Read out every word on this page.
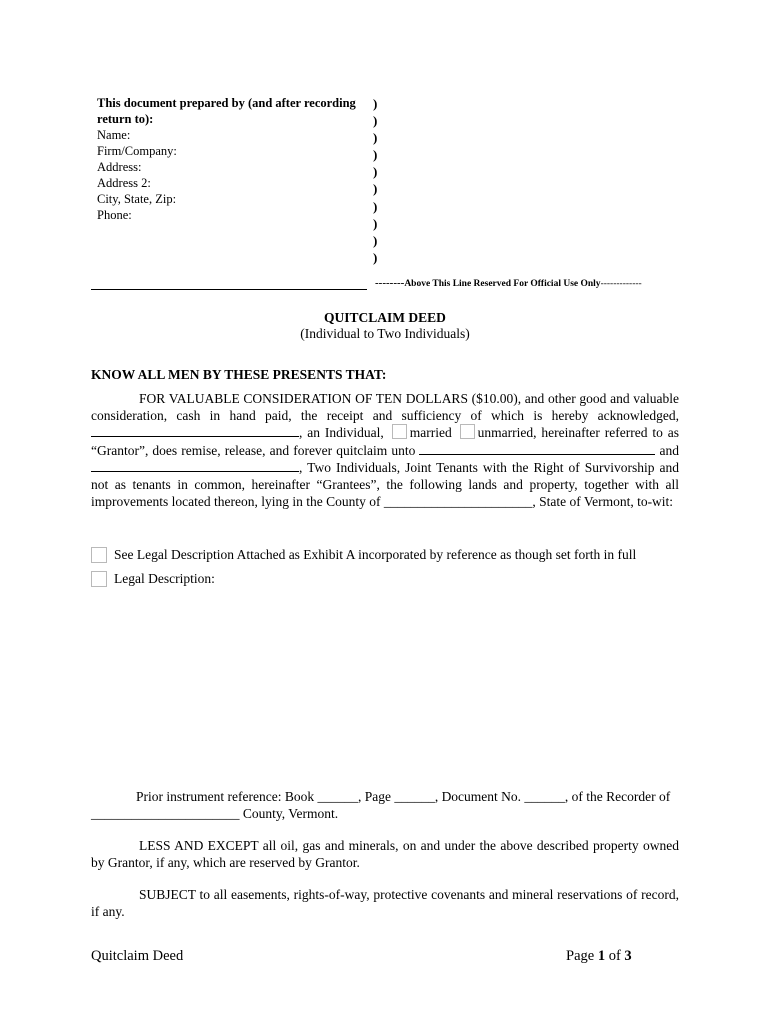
This document prepared by (and after recording return to):
Name:
Firm/Company:
Address:
Address 2:
City, State, Zip:
Phone:
)
)
)
)
)
)
)
)
)
)
--------Above This Line Reserved For Official Use Only-------------
QUITCLAIM DEED
(Individual to Two Individuals)
KNOW ALL MEN BY THESE PRESENTS THAT:
FOR VALUABLE CONSIDERATION OF TEN DOLLARS ($10.00), and other good and valuable consideration, cash in hand paid, the receipt and sufficiency of which is hereby acknowledged, , an Individual, married unmarried, hereinafter referred to as “Grantor”, does remise, release, and forever quitclaim unto	and , Two Individuals, Joint Tenants with the Right of Survivorship and not as tenants in common, hereinafter “Grantees”, the following lands and property, together with all improvements located thereon, lying in the County of ______________________, State of Vermont, to-wit:
See Legal Description Attached as Exhibit A incorporated by reference as though set forth in full
Legal Description:
Prior instrument reference: Book ______, Page ______, Document No. ______, of the Recorder of
______________________ County, Vermont.
LESS AND EXCEPT all oil, gas and minerals, on and under the above described property owned by Grantor, if any, which are reserved by Grantor.
SUBJECT to all easements, rights-of-way, protective covenants and mineral reservations of record, if any.
Quitclaim Deed	Page 1 of 3
